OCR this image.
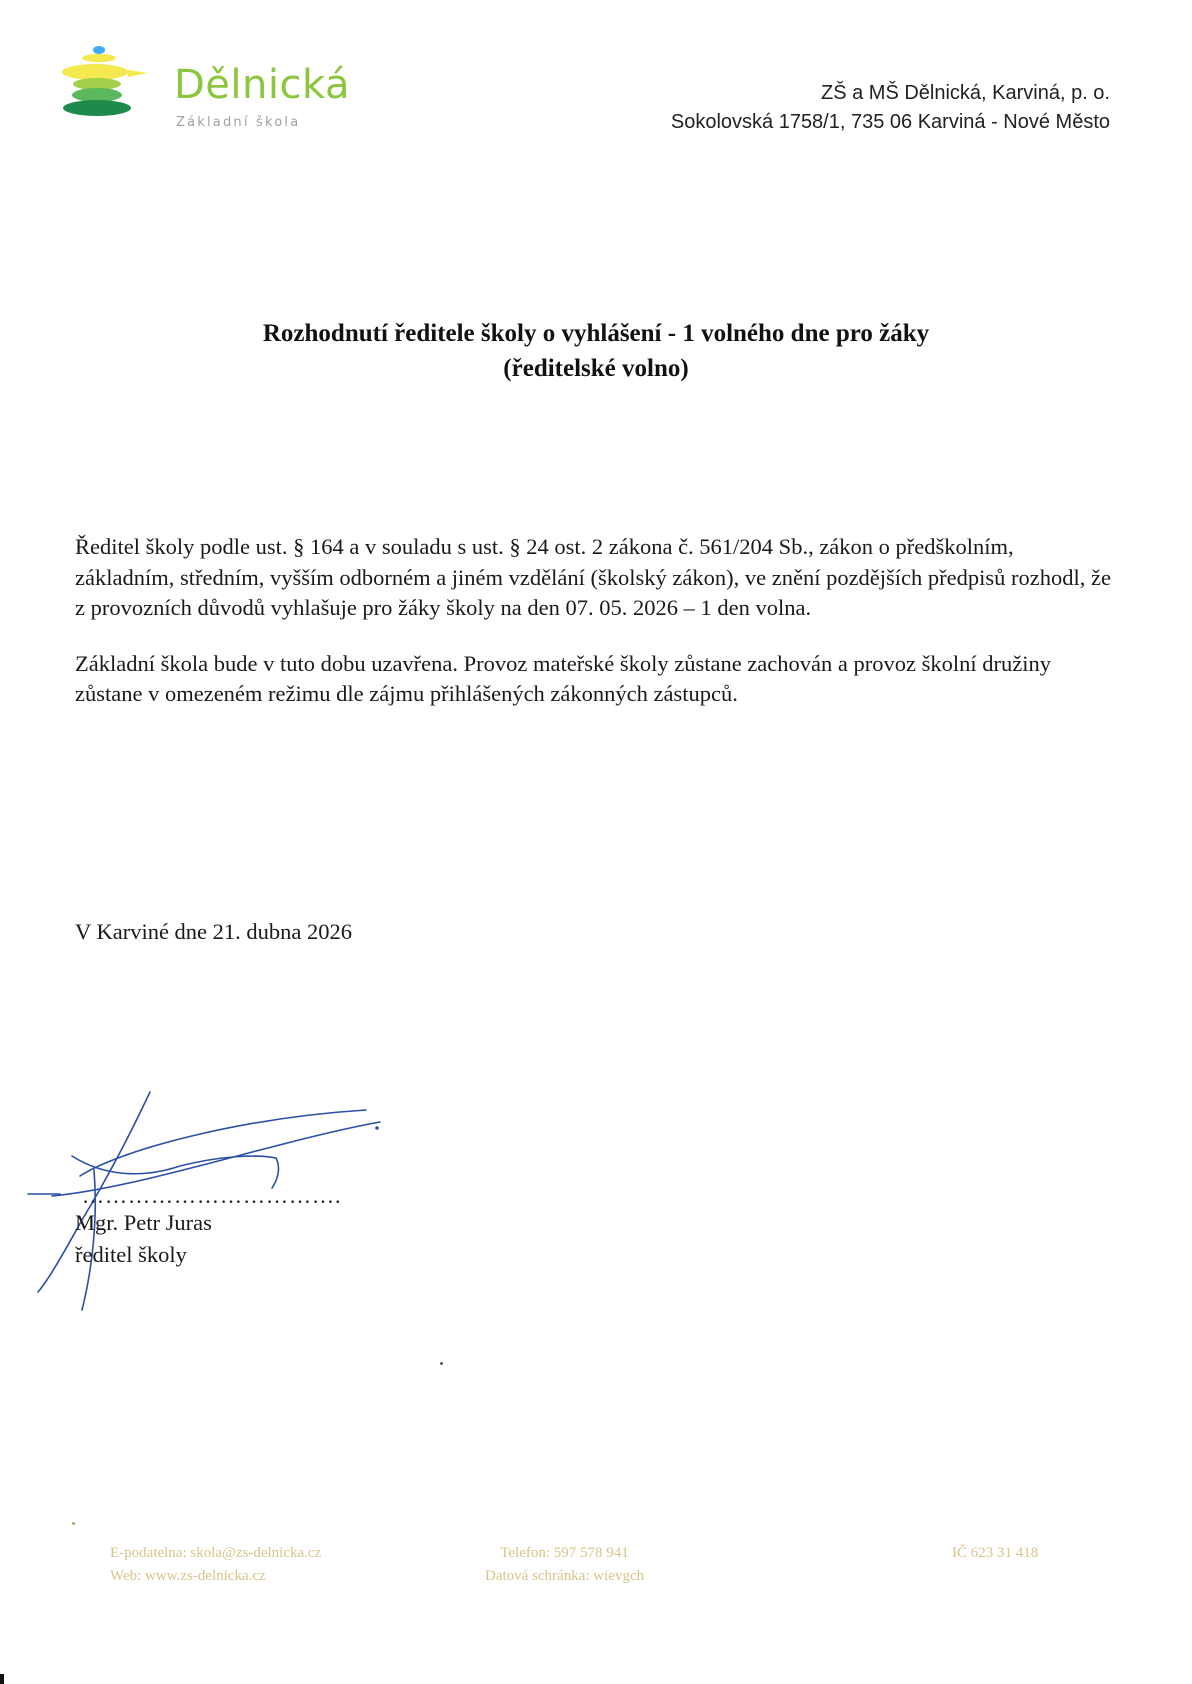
Dělnická
Základní škola
ZŠ a MŠ Dělnická, Karviná, p. o.
Sokolovská 1758/1, 735 06 Karviná - Nové Město
Rozhodnutí ředitele školy o vyhlášení - 1 volného dne pro žáky
(ředitelské volno)

Ředitel školy podle ust. § 164 a v souladu s ust. § 24 ost. 2 zákona č. 561/204 Sb., zákon o předškolním, základním, středním, vyšším odborném a jiném vzdělání (školský zákon), ve znění pozdějších předpisů rozhodl, že z provozních důvodů vyhlašuje pro žáky školy na den 07. 05. 2026 – 1 den volna.

Základní škola bude v tuto dobu uzavřena. Provoz mateřské školy zůstane zachován a provoz školní družiny zůstane v omezeném režimu dle zájmu přihlášených zákonných zástupců.

V Karviné dne 21. dubna 2026
…………………………….
Mgr. Petr Juras
ředitel školy
E-podatelna: skola@zs-delnicka.cz
Web: www.zs-delnicka.cz
Telefon: 597 578 941
Datová schránka: wievgch
IČ 623 31 418
